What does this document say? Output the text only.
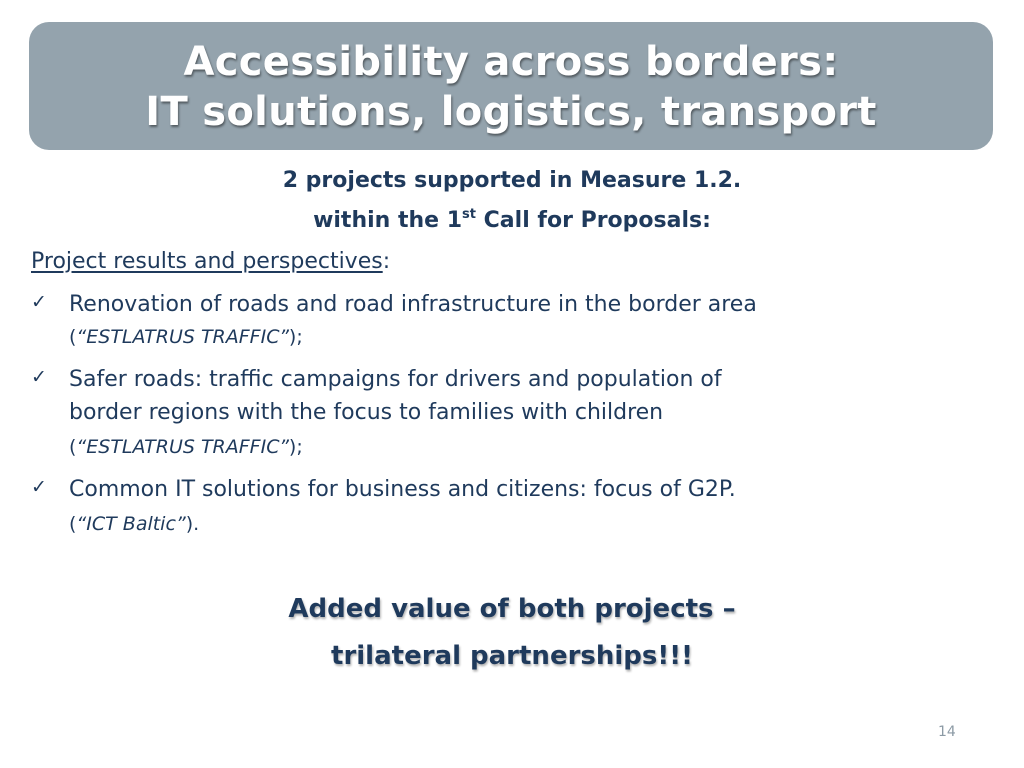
Accessibility across borders:
IT solutions, logistics, transport
2 projects supported in Measure 1.2.
within the 1st Call for Proposals:
Project results and perspectives:
✓ Renovation of roads and road infrastructure in the border area
(“ESTLATRUS TRAFFIC”);
✓ Safer roads: traffic campaigns for drivers and population of
border regions with the focus to families with children
(“ESTLATRUS TRAFFIC”);
✓ Common IT solutions for business and citizens: focus of G2P.
(“ICT Baltic”).
Added value of both projects –
trilateral partnerships!!!
14
